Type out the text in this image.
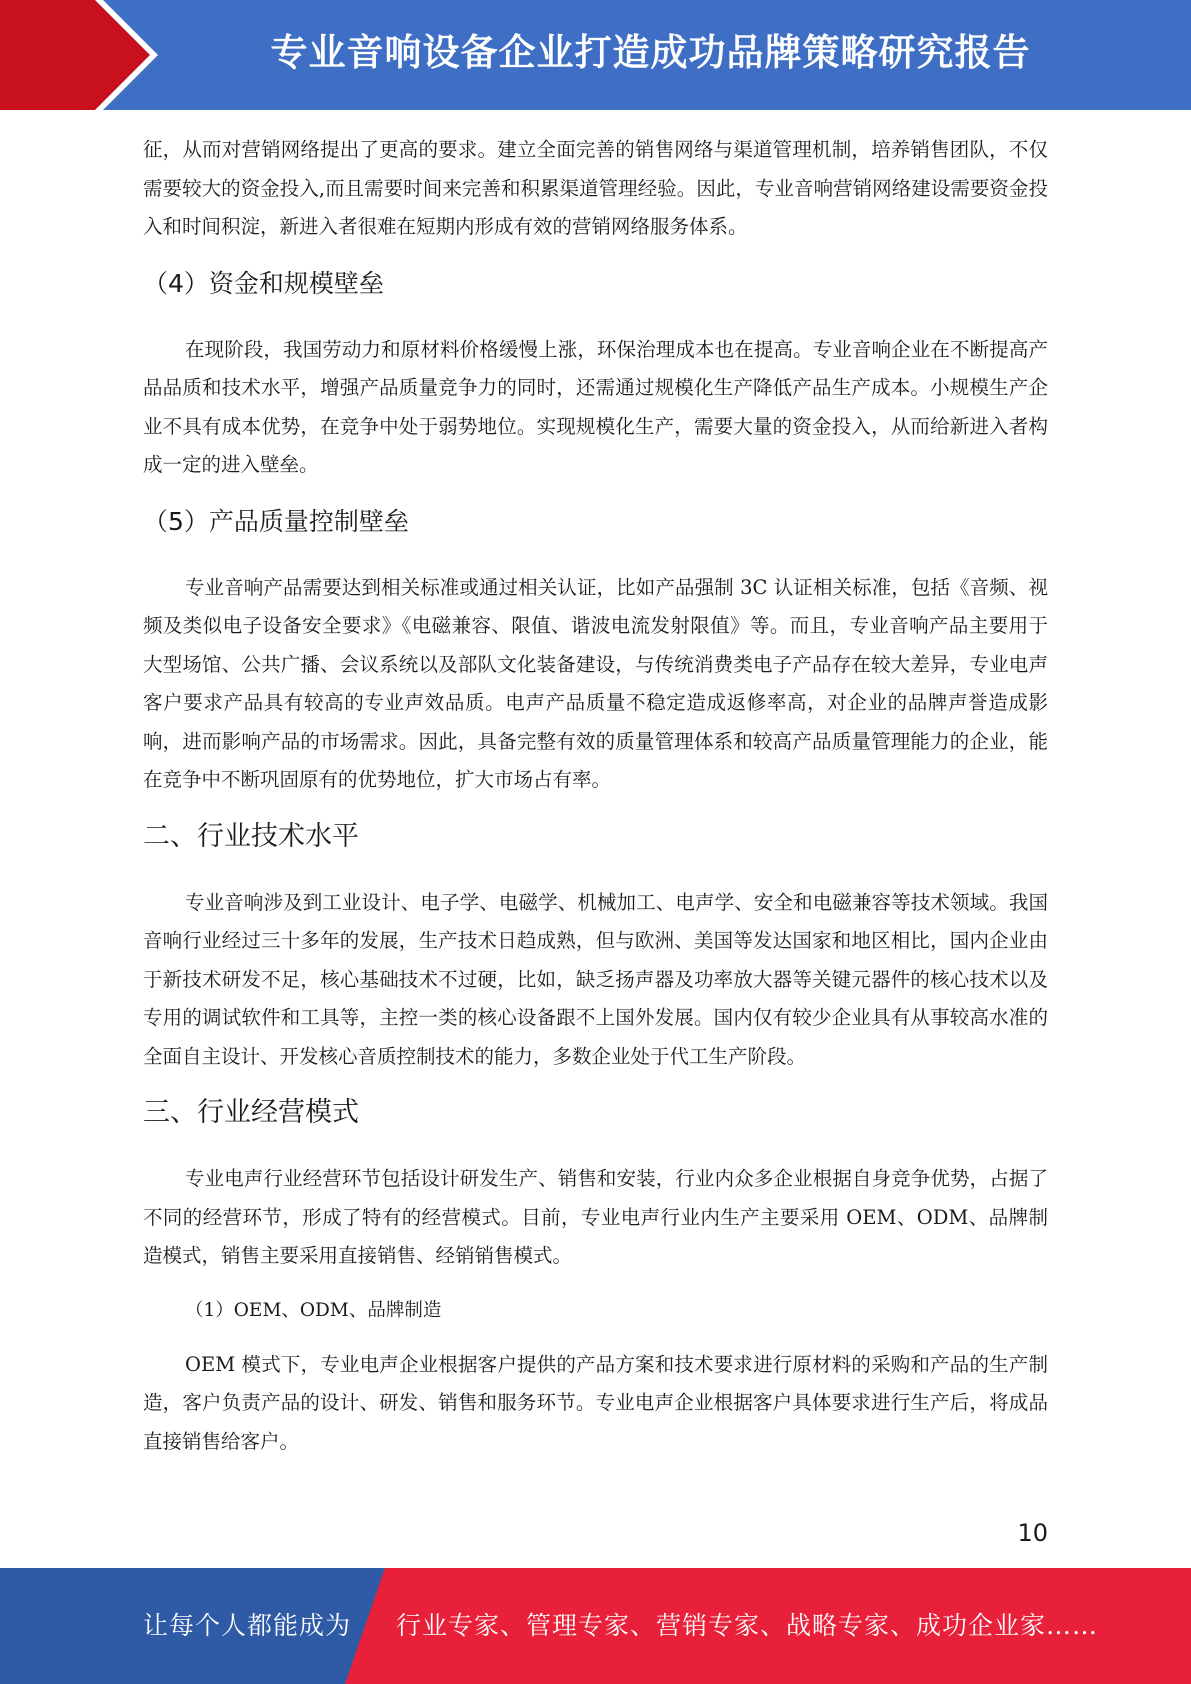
专业音响设备企业打造成功品牌策略研究报告

征，从而对营销网络提出了更高的要求。建立全面完善的销售网络与渠道管理机制，培养销售团队，不仅需要较大的资金投入,而且需要时间来完善和积累渠道管理经验。因此，专业音响营销网络建设需要资金投入和时间积淀，新进入者很难在短期内形成有效的营销网络服务体系。

（4）资金和规模壁垒

在现阶段，我国劳动力和原材料价格缓慢上涨，环保治理成本也在提高。专业音响企业在不断提高产品品质和技术水平，增强产品质量竞争力的同时，还需通过规模化生产降低产品生产成本。小规模生产企业不具有成本优势，在竞争中处于弱势地位。实现规模化生产，需要大量的资金投入，从而给新进入者构成一定的进入壁垒。

（5）产品质量控制壁垒

专业音响产品需要达到相关标准或通过相关认证，比如产品强制 3C 认证相关标准，包括《音频、视频及类似电子设备安全要求》《电磁兼容、限值、谐波电流发射限值》等。而且，专业音响产品主要用于大型场馆、公共广播、会议系统以及部队文化装备建设，与传统消费类电子产品存在较大差异，专业电声客户要求产品具有较高的专业声效品质。电声产品质量不稳定造成返修率高，对企业的品牌声誉造成影响，进而影响产品的市场需求。因此，具备完整有效的质量管理体系和较高产品质量管理能力的企业，能在竞争中不断巩固原有的优势地位，扩大市场占有率。

二、行业技术水平

专业音响涉及到工业设计、电子学、电磁学、机械加工、电声学、安全和电磁兼容等技术领域。我国音响行业经过三十多年的发展，生产技术日趋成熟，但与欧洲、美国等发达国家和地区相比，国内企业由于新技术研发不足，核心基础技术不过硬，比如，缺乏扬声器及功率放大器等关键元器件的核心技术以及专用的调试软件和工具等，主控一类的核心设备跟不上国外发展。国内仅有较少企业具有从事较高水准的全面自主设计、开发核心音质控制技术的能力，多数企业处于代工生产阶段。

三、行业经营模式

专业电声行业经营环节包括设计研发生产、销售和安装，行业内众多企业根据自身竞争优势，占据了不同的经营环节，形成了特有的经营模式。目前，专业电声行业内生产主要采用 OEM、ODM、品牌制造模式，销售主要采用直接销售、经销销售模式。

（1）OEM、ODM、品牌制造

OEM 模式下，专业电声企业根据客户提供的产品方案和技术要求进行原材料的采购和产品的生产制造，客户负责产品的设计、研发、销售和服务环节。专业电声企业根据客户具体要求进行生产后，将成品直接销售给客户。

10
让每个人都能成为 行业专家、管理专家、营销专家、战略专家、成功企业家……
